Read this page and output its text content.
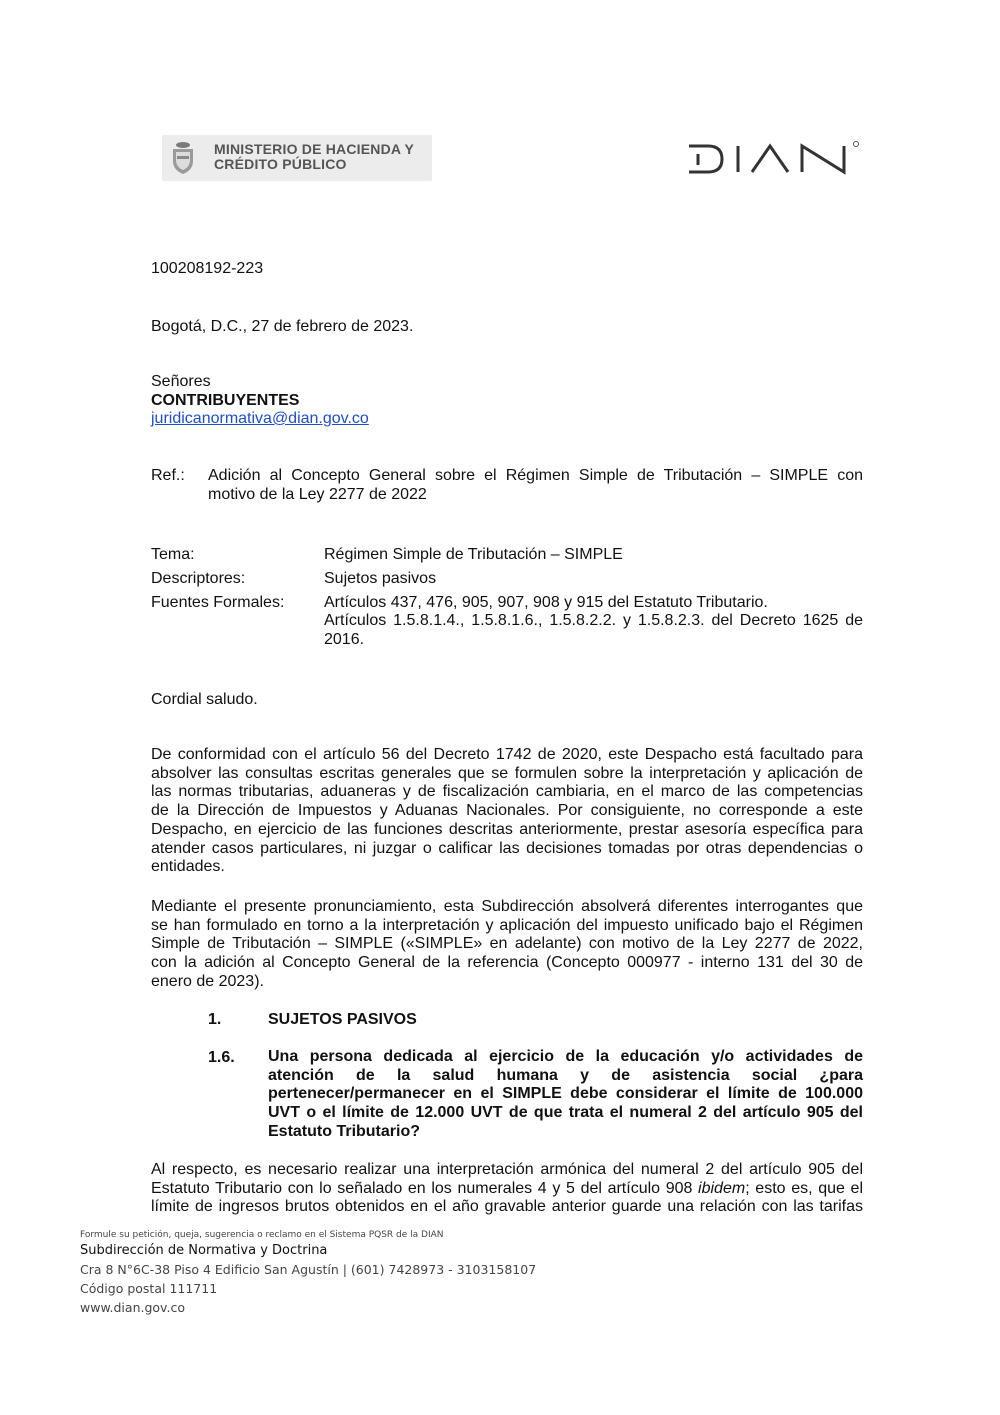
MINISTERIO DE HACIENDA Y
CRÉDITO PÚBLICO
100208192-223
Bogotá, D.C., 27 de febrero de 2023.
Señores
CONTRIBUYENTES
juridicanormativa@dian.gov.co
Ref.: Adición al Concepto General sobre el Régimen Simple de Tributación – SIMPLE con
motivo de la Ley 2277 de 2022
Tema:	Régimen Simple de Tributación – SIMPLE
Descriptores:	Sujetos pasivos
Fuentes Formales: Artículos 437, 476, 905, 907, 908 y 915 del Estatuto Tributario.
Artículos 1.5.8.1.4., 1.5.8.1.6., 1.5.8.2.2. y 1.5.8.2.3. del Decreto 1625 de
2016.
Cordial saludo.
De conformidad con el artículo 56 del Decreto 1742 de 2020, este Despacho está facultado para
absolver las consultas escritas generales que se formulen sobre la interpretación y aplicación de
las normas tributarias, aduaneras y de fiscalización cambiaria, en el marco de las competencias
de la Dirección de Impuestos y Aduanas Nacionales. Por consiguiente, no corresponde a este
Despacho, en ejercicio de las funciones descritas anteriormente, prestar asesoría específica para
atender casos particulares, ni juzgar o calificar las decisiones tomadas por otras dependencias o
entidades.
Mediante el presente pronunciamiento, esta Subdirección absolverá diferentes interrogantes que
se han formulado en torno a la interpretación y aplicación del impuesto unificado bajo el Régimen
Simple de Tributación – SIMPLE («SIMPLE» en adelante) con motivo de la Ley 2277 de 2022,
con la adición al Concepto General de la referencia (Concepto 000977 - interno 131 del 30 de
enero de 2023).
1.	SUJETOS PASIVOS
1.6. Una persona dedicada al ejercicio de la educación y/o actividades de
atención de la salud humana y de asistencia social ¿para
pertenecer/permanecer en el SIMPLE debe considerar el límite de 100.000
UVT o el límite de 12.000 UVT de que trata el numeral 2 del artículo 905 del
Estatuto Tributario?
Al respecto, es necesario realizar una interpretación armónica del numeral 2 del artículo 905 del
Estatuto Tributario con lo señalado en los numerales 4 y 5 del artículo 908 ibidem; esto es, que el
límite de ingresos brutos obtenidos en el año gravable anterior guarde una relación con las tarifas
Formule su petición, queja, sugerencia o reclamo en el Sistema PQSR de la DIAN
Subdirección de Normativa y Doctrina
Cra 8 N°6C-38 Piso 4 Edificio San Agustín | (601) 7428973 - 3103158107
Código postal 111711
www.dian.gov.co
